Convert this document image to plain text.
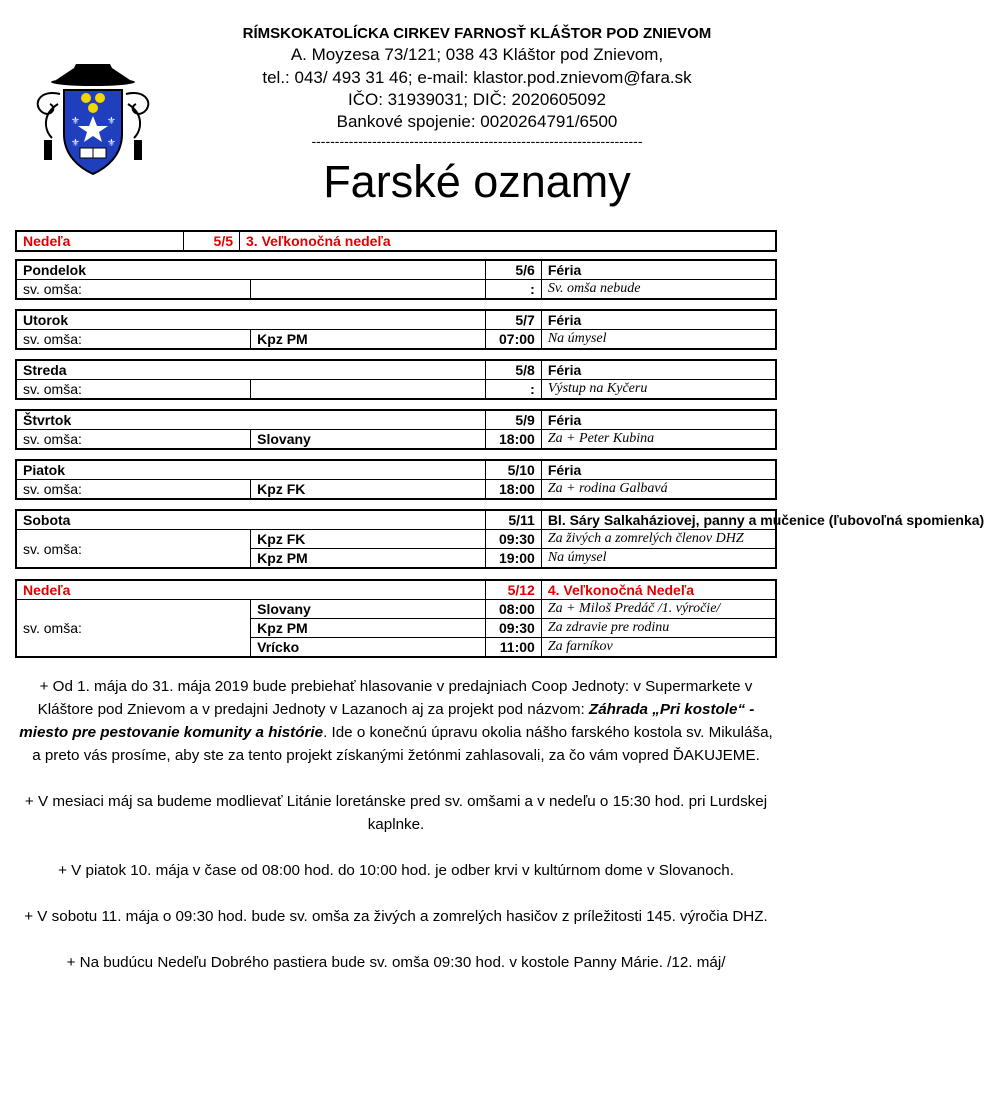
⚜	⚜
⚜	⚜
RÍMSKOKATOLÍCKA CIRKEV FARNOSŤ KLÁŠTOR POD ZNIEVOM
A. Moyzesa 73/121; 038 43 Kláštor pod Znievom,
tel.: 043/ 493 31 46; e-mail: klastor.pod.znievom@fara.sk
IČO: 31939031; DIČ: 2020605092
Bankové spojenie: 0020264791/6500
-----------------------------------------------------------------------
Farské oznamy
Nedeľa	5/5	3. Veľkonočná nedeľa
Pondelok		5/6	Féria
sv. omša:		:	Sv. omša nebude
Utorok		5/7	Féria
sv. omša:	Kpz PM	07:00	Na úmysel
Streda		5/8	Féria
sv. omša:		:	Výstup na Kyčeru
Štvrtok		5/9	Féria
sv. omša:	Slovany	18:00	Za + Peter Kubina
Piatok		5/10	Féria
sv. omša:	Kpz FK	18:00	Za + rodina Galbavá
Sobota		5/11	Bl. Sáry Salkaháziovej, panny a mučenice (ľubovoľná spomienka)
sv. omša:	Kpz FK	09:30	Za živých a zomrelých členov DHZ
	Kpz PM	19:00	Na úmysel
Nedeľa		5/12	4. Veľkonočná Nedeľa
sv. omša:	Slovany	08:00	Za + Miloš Predáč /1. výročie/
	Kpz PM	09:30	Za zdravie pre rodinu
	Vrícko	11:00	Za farníkov

+ Od 1. mája do 31. mája 2019 bude prebiehať hlasovanie v predajniach Coop Jednoty: v Supermarkete v Kláštore pod Znievom a v predajni Jednoty v Lazanoch aj za projekt pod názvom: Záhrada „Pri kostole“ - miesto pre pestovanie komunity a histórie. Ide o konečnú úpravu okolia nášho farského kostola sv. Mikuláša, a preto vás prosíme, aby ste za tento projekt získanými žetónmi zahlasovali, za čo vám vopred ĎAKUJEME.

+ V mesiaci máj sa budeme modlievať Litánie loretánske pred sv. omšami a v nedeľu o 15:30 hod. pri Lurdskej kaplnke.

+ V piatok 10. mája v čase od 08:00 hod. do 10:00 hod. je odber krvi v kultúrnom dome v Slovanoch.

+ V sobotu 11. mája o 09:30 hod. bude sv. omša za živých a zomrelých hasičov z príležitosti 145. výročia DHZ.

+ Na budúcu Nedeľu Dobrého pastiera bude sv. omša 09:30 hod. v kostole Panny Márie. /12. máj/
